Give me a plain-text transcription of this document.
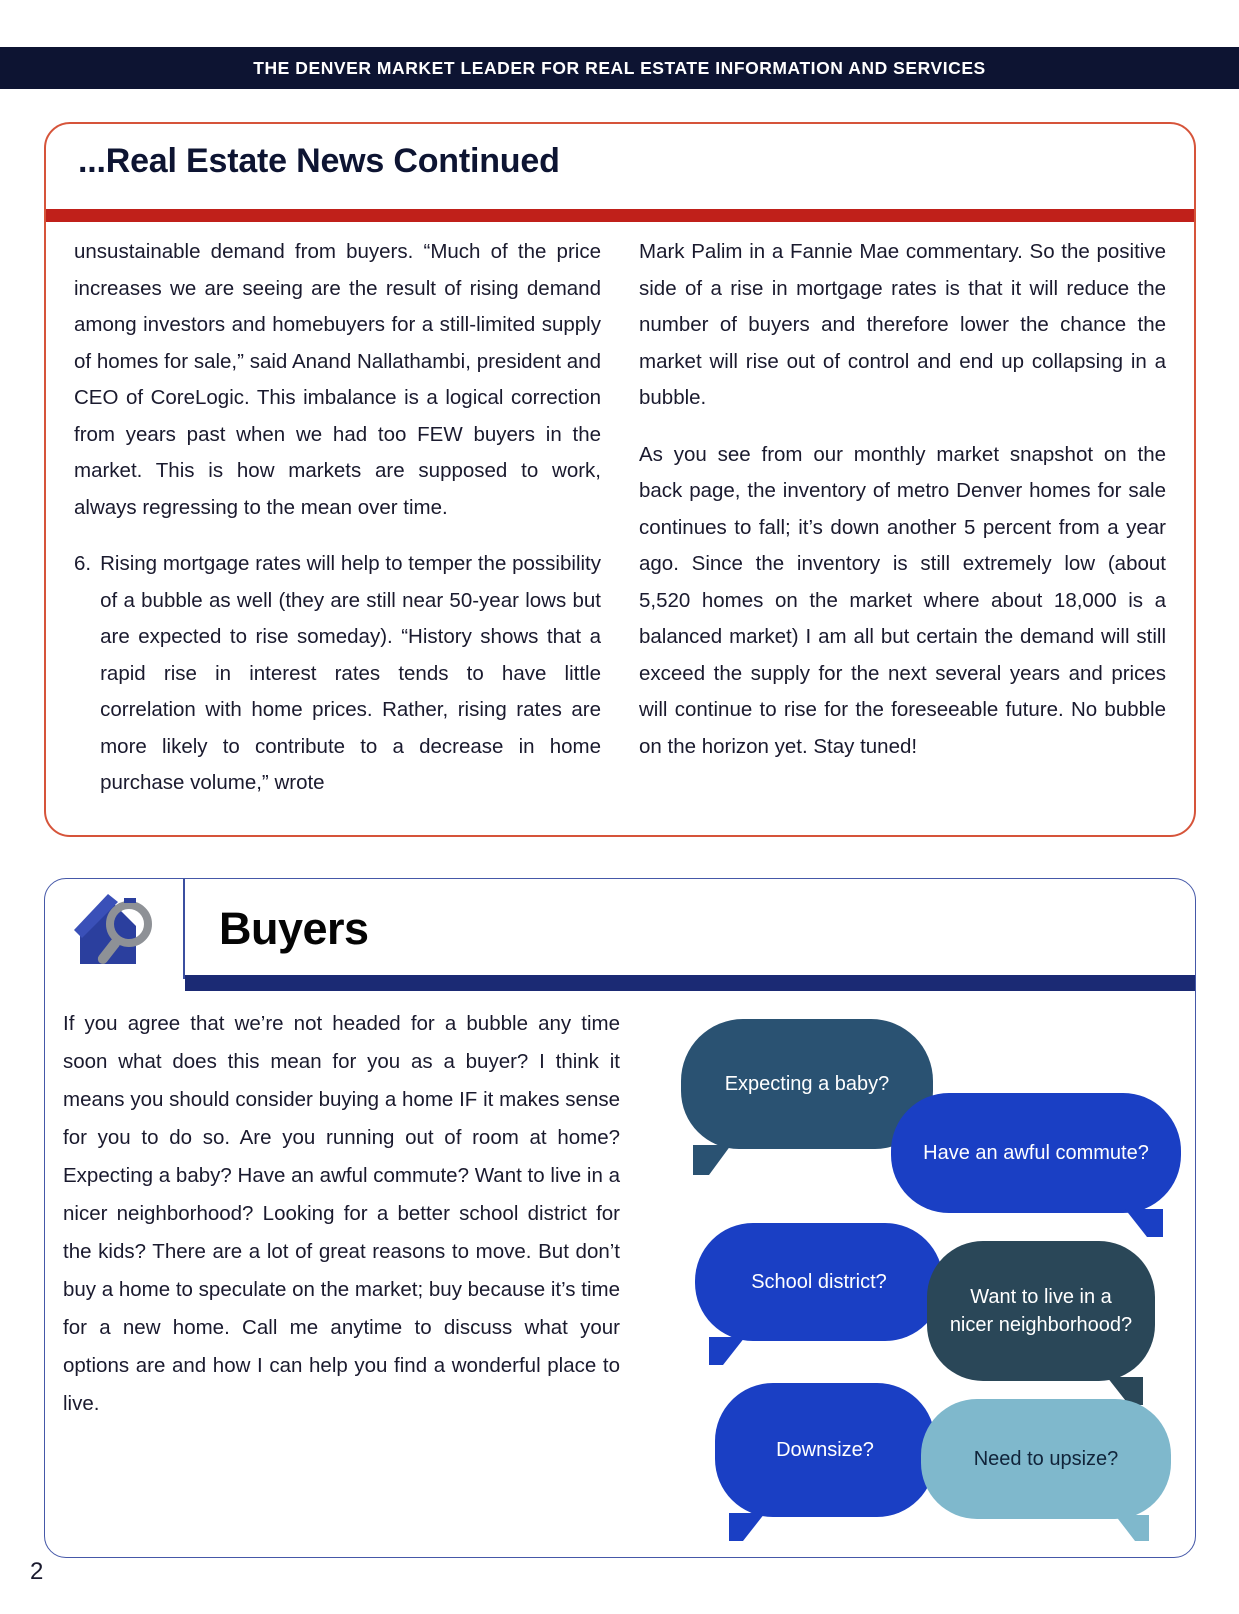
THE DENVER MARKET LEADER FOR REAL ESTATE INFORMATION AND SERVICES
...Real Estate News Continued

unsustainable demand from buyers. “Much of the price increases we are seeing are the result of rising demand among investors and homebuyers for a still-limited supply of homes for sale,” said Anand Nallathambi, president and CEO of CoreLogic. This imbalance is a logical correction from years past when we had too FEW buyers in the market. This is how markets are supposed to work, always regressing to the mean over time.

6. Rising mortgage rates will help to temper the possibility of a bubble as well (they are still near 50-year lows but are expected to rise someday). “History shows that a rapid rise in interest rates tends to have little correlation with home prices. Rather, rising rates are more likely to contribute to a decrease in home purchase volume,” wrote

Mark Palim in a Fannie Mae commentary. So the positive side of a rise in mortgage rates is that it will reduce the number of buyers and therefore lower the chance the market will rise out of control and end up collapsing in a bubble.

As you see from our monthly market snapshot on the back page, the inventory of metro Denver homes for sale continues to fall; it’s down another 5 percent from a year ago. Since the inventory is still extremely low (about 5,520 homes on the market where about 18,000 is a balanced market) I am all but certain the demand will still exceed the supply for the next several years and prices will continue to rise for the foreseeable future. No bubble on the horizon yet. Stay tuned!

Buyers

If you agree that we’re not headed for a bubble any time soon what does this mean for you as a buyer? I think it means you should consider buying a home IF it makes sense for you to do so. Are you running out of room at home? Expecting a baby? Have an awful commute? Want to live in a nicer neighborhood? Looking for a better school district for the kids? There are a lot of great reasons to move. But don’t buy a home to speculate on the market; buy because it’s time for a new home. Call me anytime to discuss what your options are and how I can help you find a wonderful place to live.

Expecting a baby?
Have an awful commute?
School district?
Want to live in a nicer neighborhood?
Downsize?	Need to upsize?
2
